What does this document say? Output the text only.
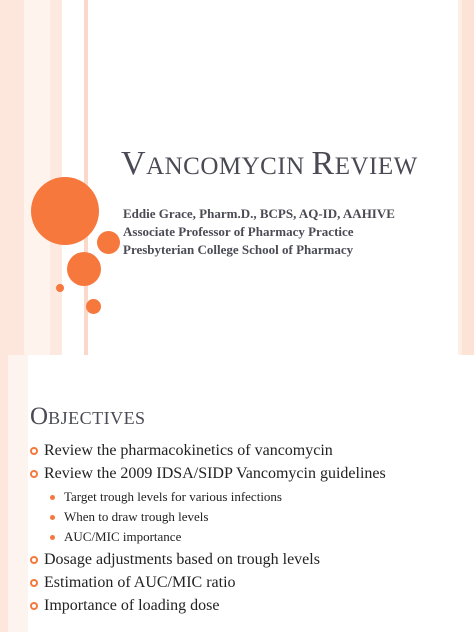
VANCOMYCIN REVIEW
Eddie Grace, Pharm.D., BCPS, AQ-ID, AAHIVE
Associate Professor of Pharmacy Practice
Presbyterian College School of Pharmacy
OBJECTIVES
Review the pharmacokinetics of vancomycin
Review the 2009 IDSA/SIDP Vancomycin guidelines
Target trough levels for various infections
When to draw trough levels
AUC/MIC importance
Dosage adjustments based on trough levels
Estimation of AUC/MIC ratio
Importance of loading dose
